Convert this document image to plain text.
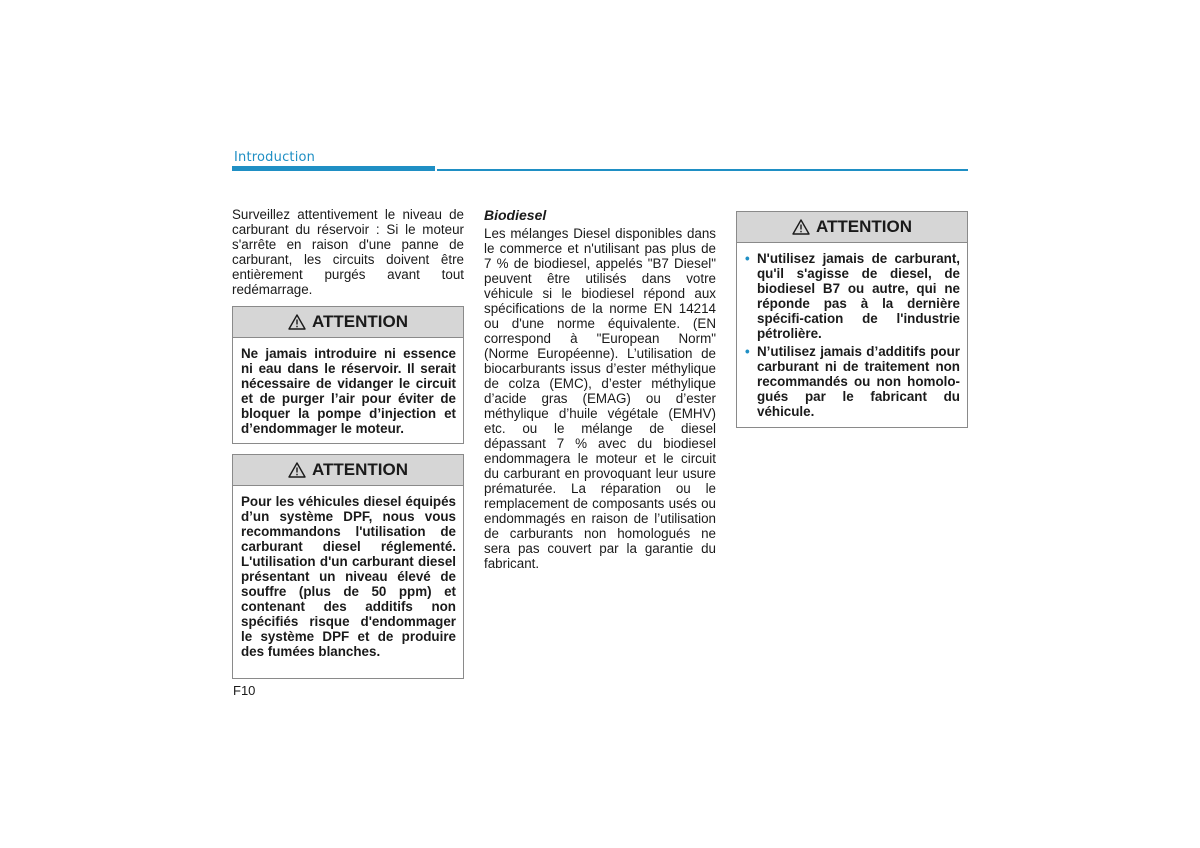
Introduction
Surveillez attentivement le niveau de carburant du réservoir : Si le moteur s'arrête en raison d'une panne de carburant, les circuits doivent être entièrement purgés avant tout redémarrage.
ATTENTION
Ne jamais introduire ni essence ni eau dans le réservoir. Il serait nécessaire de vidanger le circuit et de purger l’air pour éviter de bloquer la pompe d’injection et d’endommager le moteur.
ATTENTION
Pour les véhicules diesel équipés d’un système DPF, nous vous recommandons l'utilisation de carburant diesel réglementé. L'utilisation d'un carburant diesel présentant un niveau élevé de souffre (plus de 50 ppm) et contenant des additifs non spécifiés risque d'endommager le système DPF et de produire des fumées blanches.
Biodiesel
Les mélanges Diesel disponibles dans le commerce et n'utilisant pas plus de 7 % de biodiesel, appelés "B7 Diesel" peuvent être utilisés dans votre véhicule si le biodiesel répond aux spécifications de la norme EN 14214 ou d'une norme équivalente. (EN correspond à "European Norm" (Norme Européenne). L’utilisation de biocarburants issus d’ester méthylique de colza (EMC), d’ester méthylique d’acide gras (EMAG) ou d’ester méthylique d’huile végétale (EMHV) etc. ou le mélange de diesel dépassant 7 % avec du biodiesel endommagera le moteur et le circuit du carburant en provoquant leur usure prématurée. La réparation ou le remplacement de composants usés ou endommagés en raison de l’utilisation de carburants non homologués ne sera pas couvert par la garantie du fabricant.
ATTENTION
• N'utilisez jamais de carburant, qu'il s'agisse de diesel, de biodiesel B7 ou autre, qui ne réponde pas à la dernière spécifi-cation de l'industrie pétrolière.
• N’utilisez jamais d’additifs pour carburant ni de traitement non recommandés ou non homolo-gués par le fabricant du véhicule.
F10
